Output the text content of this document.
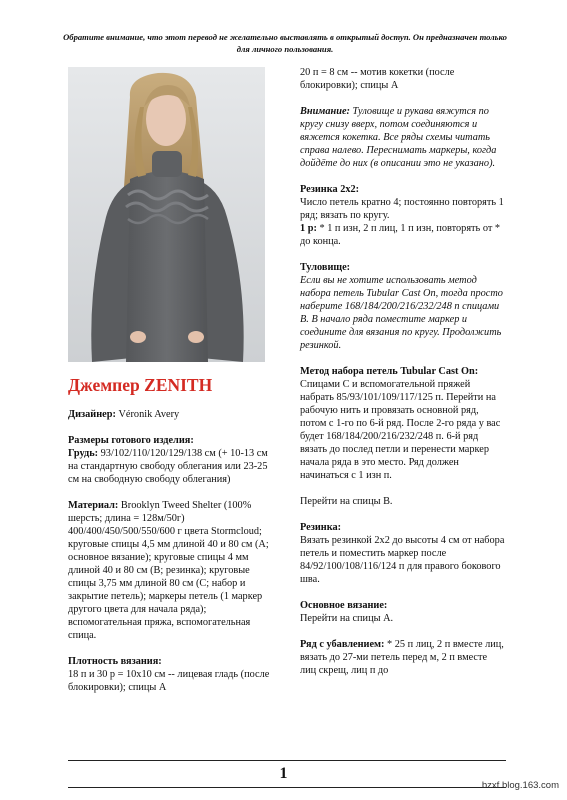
Обратите внимание, что этот перевод не желательно выставлять в открытый доступ. Он предназначен только для личного пользования.
Джемпер ZENITH

Дизайнер: Véronik Avery

Размеры готового изделия:

Грудь: 93/102/110/120/129/138 см (+ 10-13 см на стандартную свободу облегания или 23-25 см на свободную свободу облегания)

Материал: Brooklyn Tweed Shelter (100% шерсть; длина = 128м/50г) 400/400/450/500/550/600 г цвета Stormcloud; круговые спицы 4,5 мм длиной 40 и 80 см (А; основное вязание); круговые спицы 4 мм длиной 40 и 80 см (В; резинка); круговые спицы 3,75 мм длиной 80 см (С; набор и закрытие петель); маркеры петель (1 маркер другого цвета для начала ряда); вспомогательная пряжа, вспомогательная спица.

Плотность вязания:
18 п и 30 р = 10x10 см -- лицевая гладь (после блокировки); спицы А

20 п = 8 см -- мотив кокетки (после блокировки); спицы А

Внимание: Туловище и рукава вяжутся по кругу снизу вверх, потом соединяются и вяжется кокетка. Все ряды схемы читать справа налево. Переснимать маркеры, когда дойдёте до них (в описании это не указано).

Резинка 2x2:
Число петель кратно 4; постоянно повторять 1 ряд; вязать по кругу.

1 р: * 1 п изн, 2 п лиц, 1 п изн, повторять от * до конца.

Туловище:

Если вы не хотите использовать метод набора петель Tubular Cast On, тогда просто наберите 168/184/200/216/232/248 п спицами В. В начало ряда поместите маркер и соедините для вязания по кругу. Продолжить резинкой.

Метод набора петель Tubular Cast On:

Спицами С и вспомогательной пряжей набрать 85/93/101/109/117/125 п. Перейти на рабочую нить и провязать основной ряд, потом с 1-го по 6-й ряд. После 2-го ряда у вас будет 168/184/200/216/232/248 п. 6-й ряд вязать до послед петли и перенести маркер начала ряда в это место. Ряд должен начинаться с 1 изн п.

Перейти на спицы В.

Резинка:

Вязать резинкой 2x2 до высоты 4 см от набора петель и поместить маркер после 84/92/100/108/116/124 п для правого бокового шва.

Основное вязание:

Перейти на спицы А.

Ряд с убавлением: * 25 п лиц, 2 п вместе лиц, вязать до 27-ми петель перед м, 2 п вместе лиц скрещ, лиц п до
1
bzxf.blog.163.com
